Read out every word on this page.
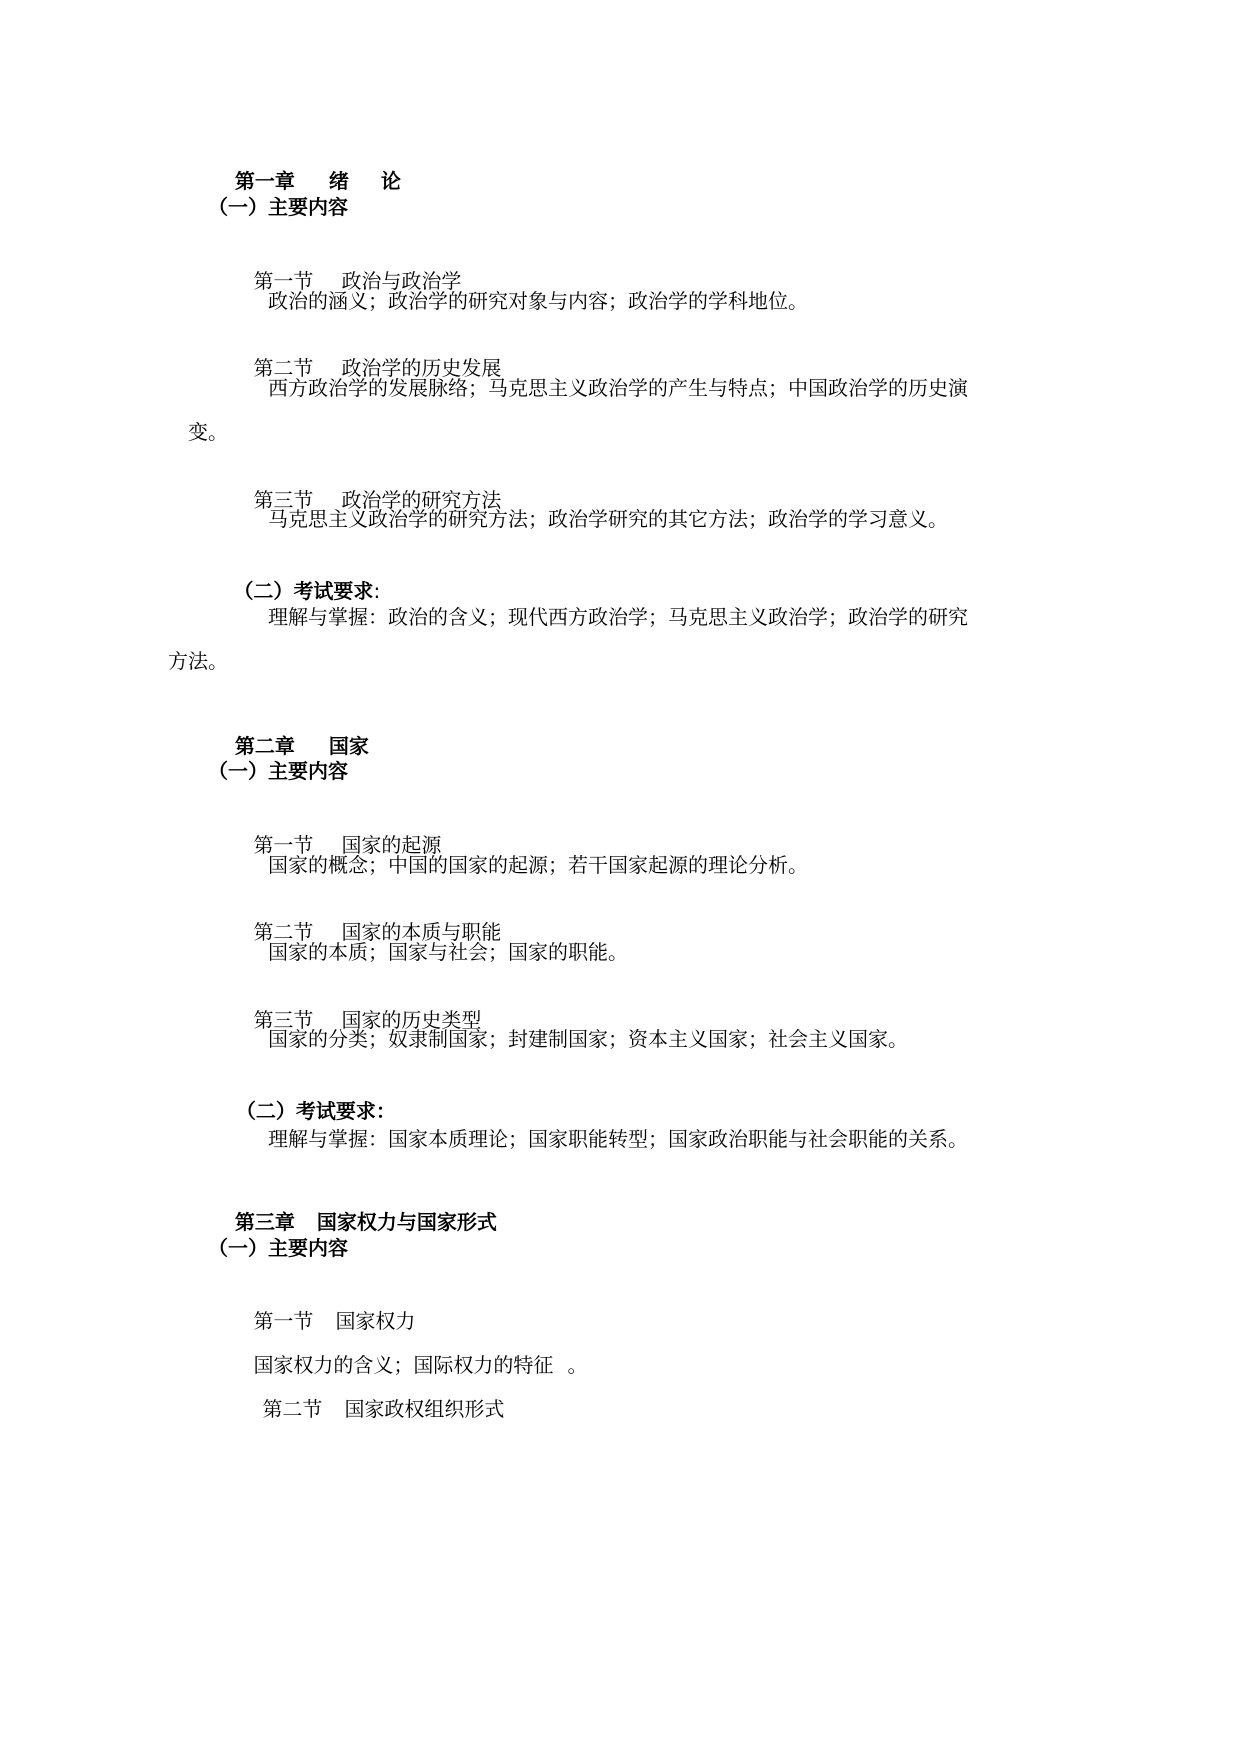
第一章 绪　论

（一）主要内容

第一节 政治与政治学

政治的涵义；政治学的研究对象与内容；政治学的学科地位。

第二节 政治学的历史发展

西方政治学的发展脉络；马克思主义政治学的产生与特点；中国政治学的历史演
变。

第三节 政治学的研究方法

马克思主义政治学的研究方法；政治学研究的其它方法；政治学的学习意义。

（二）考试要求:

理解与掌握：政治的含义；现代西方政治学；马克思主义政治学；政治学的研究
方法。

第二章 国家

（一）主要内容

第一节 国家的起源

国家的概念；中国的国家的起源；若干国家起源的理论分析。

第二节 国家的本质与职能

国家的本质；国家与社会；国家的职能。

第三节 国家的历史类型

国家的分类；奴隶制国家；封建制国家；资本主义国家；社会主义国家。

（二）考试要求：

理解与掌握：国家本质理论；国家职能转型；国家政治职能与社会职能的关系。

第三章 国家权力与国家形式

（一）主要内容

第一节 国家权力

国家权力的含义；国际权力的特征 。

第二节 国家政权组织形式
